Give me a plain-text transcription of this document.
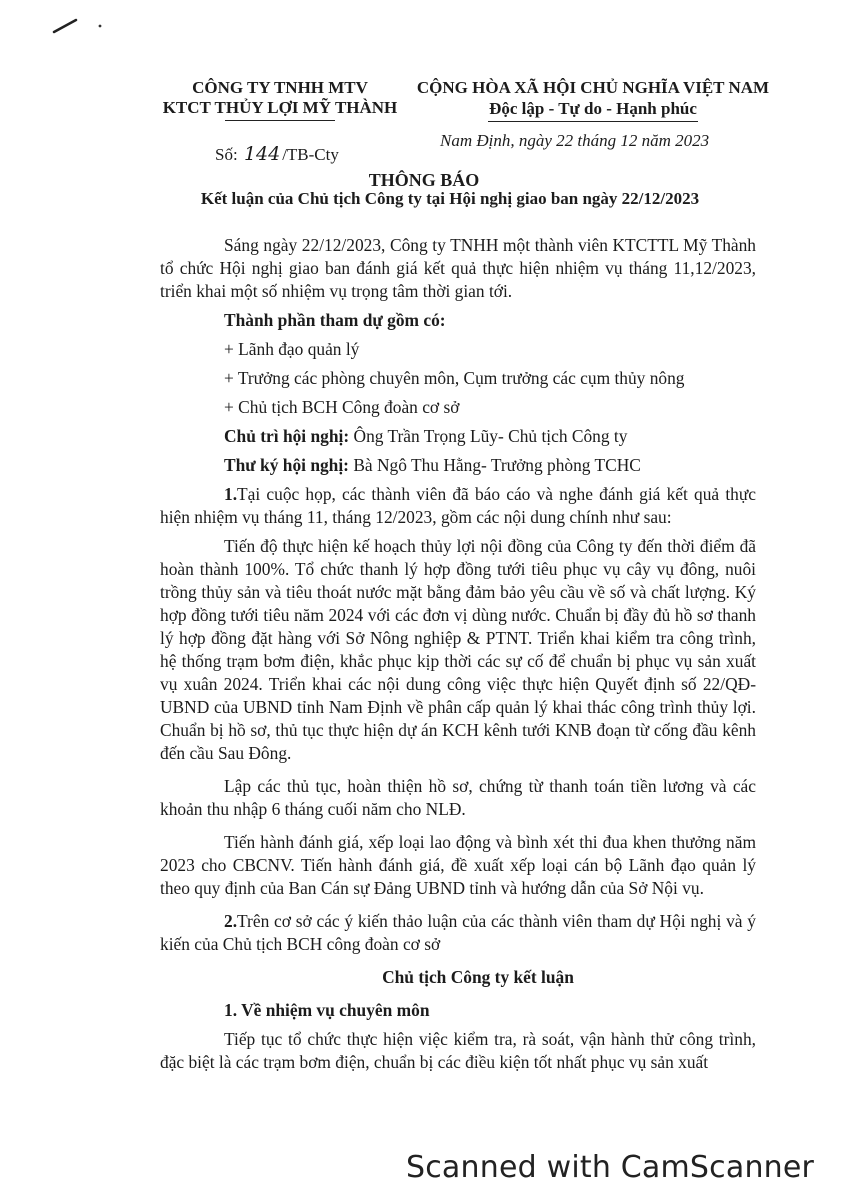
CÔNG TY TNHH MTV
KTCT THỦY LỢI MỸ THÀNH
Số: 144 /TB-Cty
CỘNG HÒA XÃ HỘI CHỦ NGHĨA VIỆT NAM
Độc lập - Tự do - Hạnh phúc
Nam Định, ngày 22 tháng 12 năm 2023
THÔNG BÁO
Kết luận của Chủ tịch Công ty tại Hội nghị giao ban ngày 22/12/2023

Sáng ngày 22/12/2023, Công ty TNHH một thành viên KTCTTL Mỹ Thành tổ chức Hội nghị giao ban đánh giá kết quả thực hiện nhiệm vụ tháng 11,12/2023, triển khai một số nhiệm vụ trọng tâm thời gian tới.

Thành phần tham dự gồm có:

+ Lãnh đạo quản lý

+ Trưởng các phòng chuyên môn, Cụm trưởng các cụm thủy nông

+ Chủ tịch BCH Công đoàn cơ sở

Chủ trì hội nghị: Ông Trần Trọng Lũy- Chủ tịch Công ty

Thư ký hội nghị: Bà Ngô Thu Hằng- Trưởng phòng TCHC

1.Tại cuộc họp, các thành viên đã báo cáo và nghe đánh giá kết quả thực hiện nhiệm vụ tháng 11, tháng 12/2023, gồm các nội dung chính như sau:

Tiến độ thực hiện kế hoạch thủy lợi nội đồng của Công ty đến thời điểm đã hoàn thành 100%. Tổ chức thanh lý hợp đồng tưới tiêu phục vụ cây vụ đông, nuôi trồng thủy sản và tiêu thoát nước mặt bằng đảm bảo yêu cầu về số và chất lượng. Ký hợp đồng tưới tiêu năm 2024 với các đơn vị dùng nước. Chuẩn bị đầy đủ hồ sơ thanh lý hợp đồng đặt hàng với Sở Nông nghiệp & PTNT. Triển khai kiểm tra công trình, hệ thống trạm bơm điện, khắc phục kịp thời các sự cố để chuẩn bị phục vụ sản xuất vụ xuân 2024. Triển khai các nội dung công việc thực hiện Quyết định số 22/QĐ-UBND của UBND tỉnh Nam Định về phân cấp quản lý khai thác công trình thủy lợi. Chuẩn bị hồ sơ, thủ tục thực hiện dự án KCH kênh tưới KNB đoạn từ cống đầu kênh đến cầu Sau Đông.

Lập các thủ tục, hoàn thiện hồ sơ, chứng từ thanh toán tiền lương và các khoản thu nhập 6 tháng cuối năm cho NLĐ.

Tiến hành đánh giá, xếp loại lao động và bình xét thi đua khen thưởng năm 2023 cho CBCNV. Tiến hành đánh giá, đề xuất xếp loại cán bộ Lãnh đạo quản lý theo quy định của Ban Cán sự Đảng UBND tỉnh và hướng dẫn của Sở Nội vụ.

2.Trên cơ sở các ý kiến thảo luận của các thành viên tham dự Hội nghị và ý kiến của Chủ tịch BCH công đoàn cơ sở

Chủ tịch Công ty kết luận

1. Về nhiệm vụ chuyên môn

Tiếp tục tổ chức thực hiện việc kiểm tra, rà soát, vận hành thử công trình, đặc biệt là các trạm bơm điện, chuẩn bị các điều kiện tốt nhất phục vụ sản xuất

Scanned with CamScanner
